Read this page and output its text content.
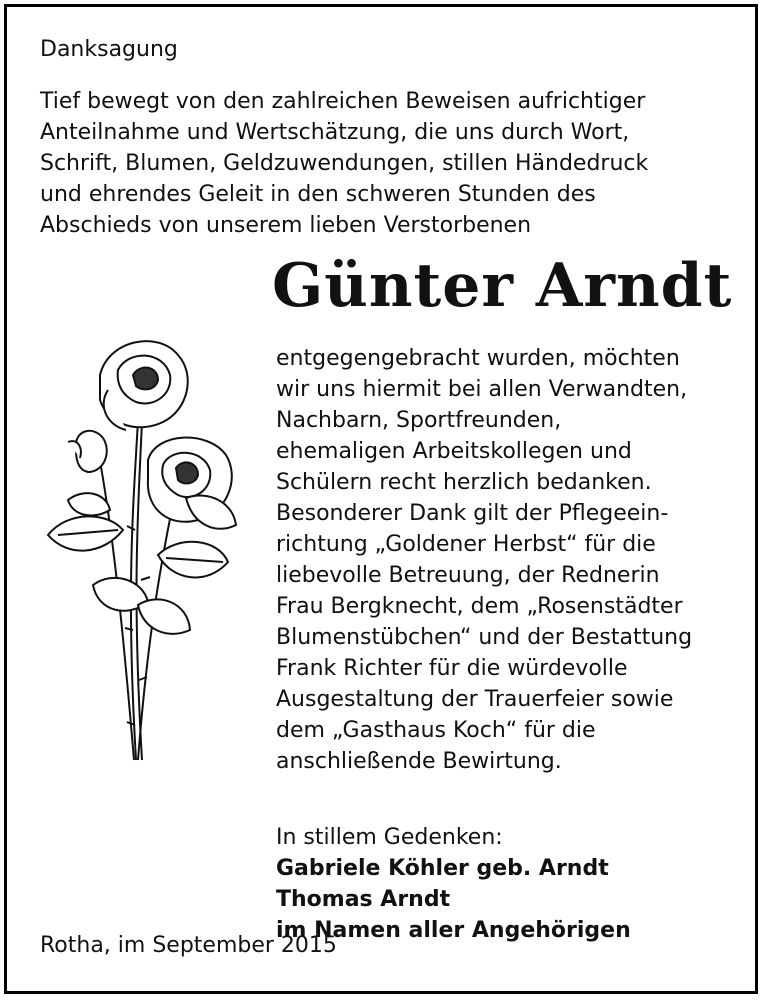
Danksagung

Tief bewegt von den zahlreichen Beweisen aufrichtiger
Anteilnahme und Wertschätzung, die uns durch Wort,
Schrift, Blumen, Geldzuwendungen, stillen Händedruck
und ehrendes Geleit in den schweren Stunden des
Abschieds von unserem lieben Verstorbenen
Günter Arndt
entgegengebracht wurden, möchten
wir uns hiermit bei allen Verwandten,
Nachbarn, Sportfreunden,
ehemaligen Arbeitskollegen und
Schülern recht herzlich bedanken.
Besonderer Dank gilt der Pflegeein-
richtung „Goldener Herbst“ für die
liebevolle Betreuung, der Rednerin
Frau Bergknecht, dem „Rosenstädter
Blumenstübchen“ und der Bestattung
Frank Richter für die würdevolle
Ausgestaltung der Trauerfeier sowie
dem „Gasthaus Koch“ für die
anschließende Bewirtung.
In stillem Gedenken:
Gabriele Köhler geb. Arndt
Thomas Arndt
im Namen aller Angehörigen

Rotha, im September 2015
